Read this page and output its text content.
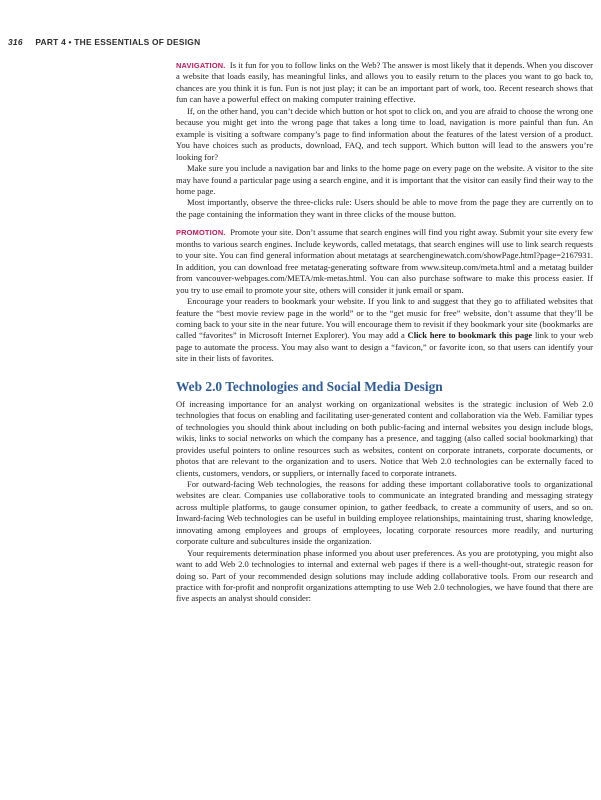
316 PART 4 • THE ESSENTIALS OF DESIGN

NAVIGATION. Is it fun for you to follow links on the Web? The answer is most likely that it depends. When you discover a website that loads easily, has meaningful links, and allows you to easily return to the places you want to go back to, chances are you think it is fun. Fun is not just play; it can be an important part of work, too. Recent research shows that fun can have a powerful effect on making computer training effective.

If, on the other hand, you can’t decide which button or hot spot to click on, and you are afraid to choose the wrong one because you might get into the wrong page that takes a long time to load, navigation is more painful than fun. An example is visiting a software company’s page to find information about the features of the latest version of a product. You have choices such as products, download, FAQ, and tech support. Which button will lead to the answers you’re looking for?

Make sure you include a navigation bar and links to the home page on every page on the website. A visitor to the site may have found a particular page using a search engine, and it is important that the visitor can easily find their way to the home page.

Most importantly, observe the three-clicks rule: Users should be able to move from the page they are currently on to the page containing the information they want in three clicks of the mouse button.

PROMOTION. Promote your site. Don’t assume that search engines will find you right away. Submit your site every few months to various search engines. Include keywords, called metatags, that search engines will use to link search requests to your site. You can find general information about metatags at searchenginewatch.com/showPage.html?page=2167931. In addition, you can download free metatag-generating software from www.siteup.com/meta.html and a metatag builder from vancouver-webpages.com/META/mk-metas.html. You can also purchase software to make this process easier. If you try to use email to promote your site, others will consider it junk email or spam.

Encourage your readers to bookmark your website. If you link to and suggest that they go to affiliated websites that feature the “best movie review page in the world” or to the “get music for free” website, don’t assume that they’ll be coming back to your site in the near future. You will encourage them to revisit if they bookmark your site (bookmarks are called “favorites” in Microsoft Internet Explorer). You may add a Click here to bookmark this page link to your web page to automate the process. You may also want to design a “favicon,” or favorite icon, so that users can identify your site in their lists of favorites.

Web 2.0 Technologies and Social Media Design

Of increasing importance for an analyst working on organizational websites is the strategic inclusion of Web 2.0 technologies that focus on enabling and facilitating user-generated content and collaboration via the Web. Familiar types of technologies you should think about including on both public-facing and internal websites you design include blogs, wikis, links to social networks on which the company has a presence, and tagging (also called social bookmarking) that provides useful pointers to online resources such as websites, content on corporate intranets, corporate documents, or photos that are relevant to the organization and to users. Notice that Web 2.0 technologies can be externally faced to clients, customers, vendors, or suppliers, or internally faced to corporate intranets.

For outward-facing Web technologies, the reasons for adding these important collaborative tools to organizational websites are clear. Companies use collaborative tools to communicate an integrated branding and messaging strategy across multiple platforms, to gauge consumer opinion, to gather feedback, to create a community of users, and so on. Inward-facing Web technologies can be useful in building employee relationships, maintaining trust, sharing knowledge, innovating among employees and groups of employees, locating corporate resources more readily, and nurturing corporate culture and subcultures inside the organization.

Your requirements determination phase informed you about user preferences. As you are prototyping, you might also want to add Web 2.0 technologies to internal and external web pages if there is a well-thought-out, strategic reason for doing so. Part of your recommended design solutions may include adding collaborative tools. From our research and practice with for-profit and nonprofit organizations attempting to use Web 2.0 technologies, we have found that there are five aspects an analyst should consider:
